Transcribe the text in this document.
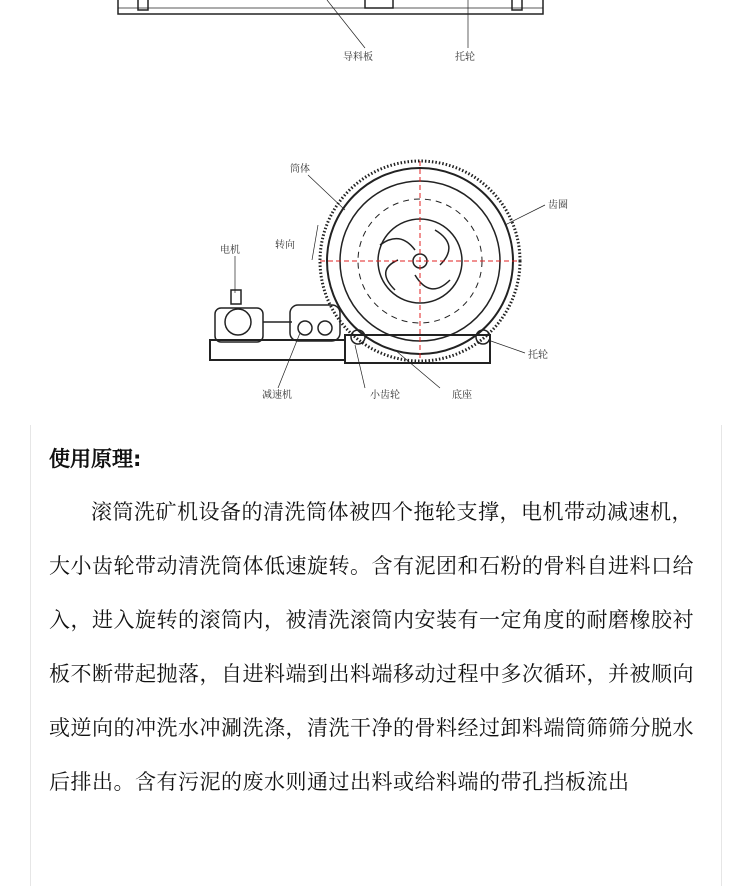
导料板	托轮
筒体
齿圈
电机	转向
减速机	小齿轮	底座
托轮
使用原理:

滚筒洗矿机设备的清洗筒体被四个拖轮支撑，电机带动减速机，大小齿轮带动清洗筒体低速旋转。含有泥团和石粉的骨料自进料口给入，进入旋转的滚筒内，被清洗滚筒内安装有一定角度的耐磨橡胶衬板不断带起抛落，自进料端到出料端移动过程中多次循环，并被顺向或逆向的冲洗水冲涮洗涤，清洗干净的骨料经过卸料端筒筛筛分脱水后排出。含有污泥的废水则通过出料或给料端的带孔挡板流出
